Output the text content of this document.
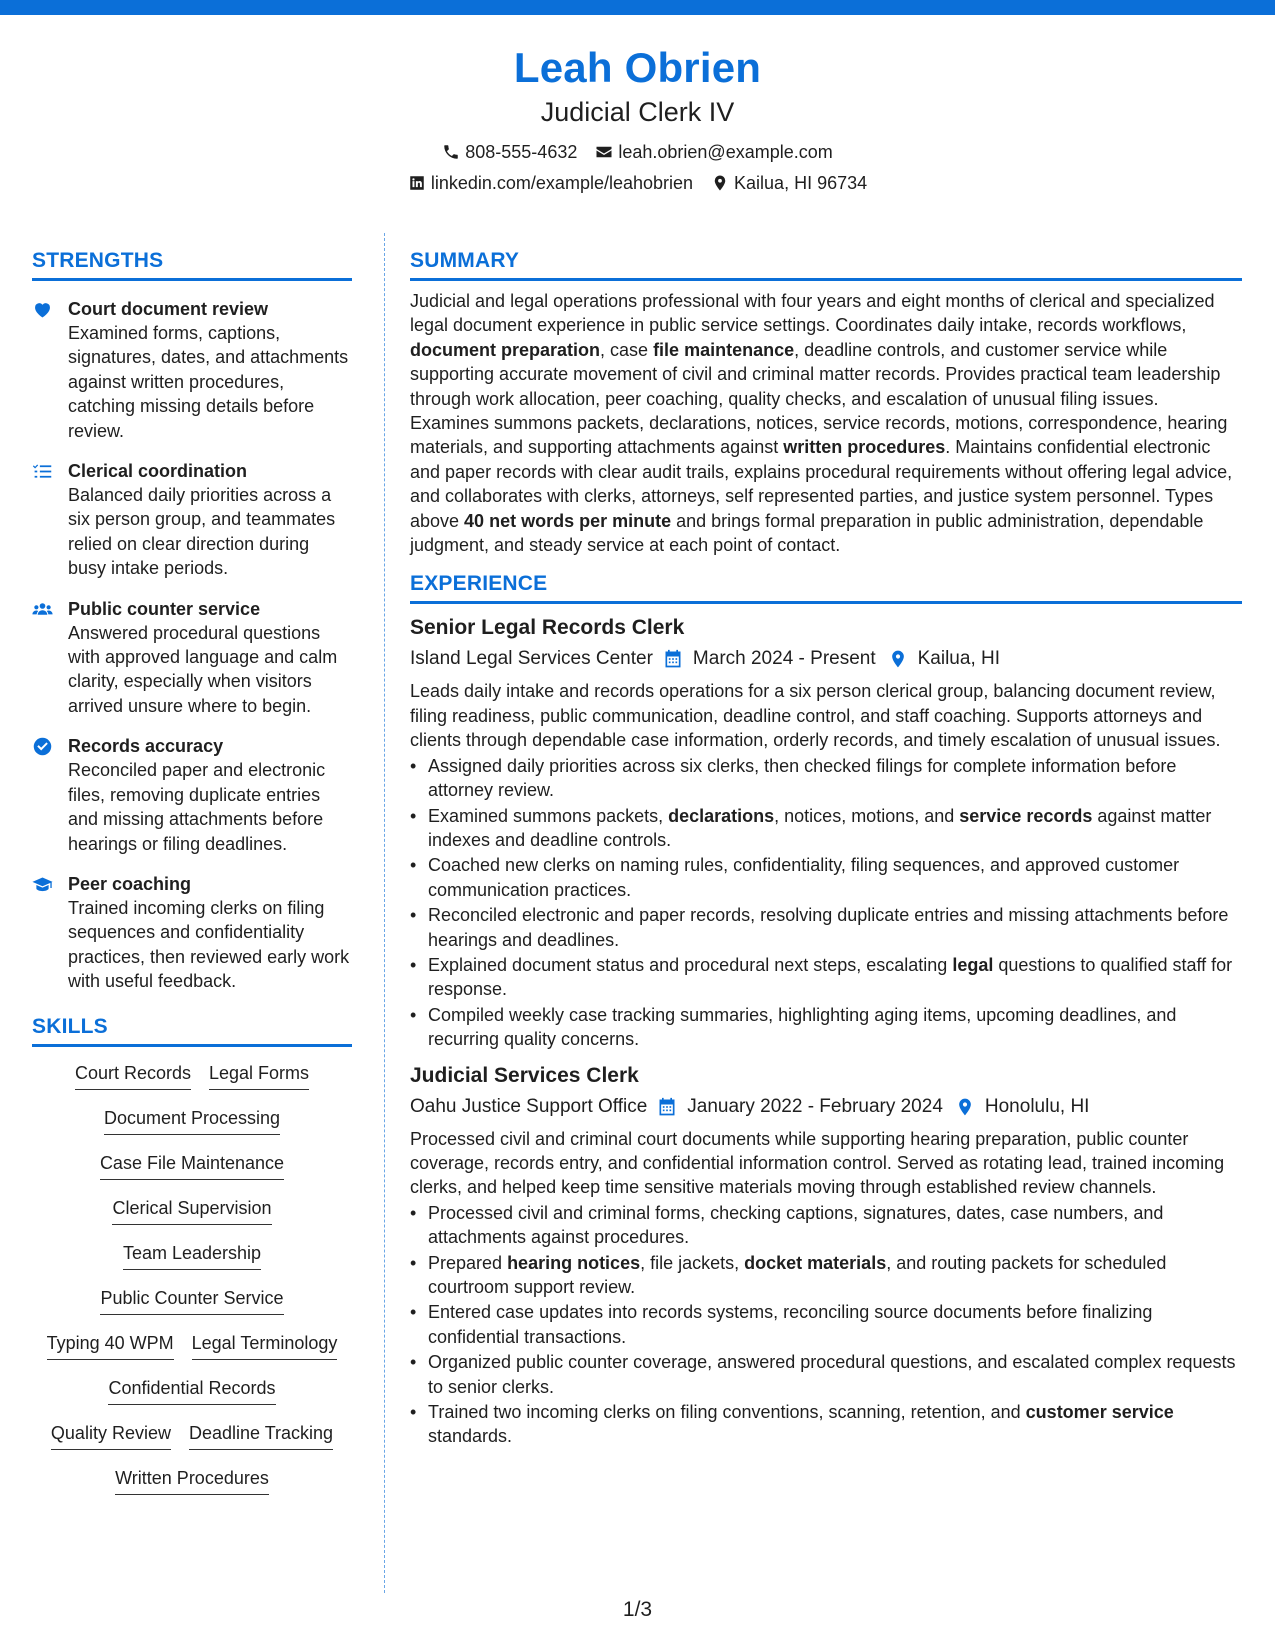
Leah Obrien
Judicial Clerk IV
808-555-4632 leah.obrien@example.com
linkedin.com/example/leahobrien Kailua, HI 96734
STRENGTHS
Court document review
Examined forms, captions, signatures, dates, and attachments against written procedures, catching missing details before review.
Clerical coordination
Balanced daily priorities across a six person group, and teammates relied on clear direction during busy intake periods.
Public counter service
Answered procedural questions with approved language and calm clarity, especially when visitors arrived unsure where to begin.
Records accuracy
Reconciled paper and electronic files, removing duplicate entries and missing attachments before hearings or filing deadlines.
Peer coaching
Trained incoming clerks on filing sequences and confidentiality practices, then reviewed early work with useful feedback.
SKILLS
Court Records Legal Forms
Document Processing
Case File Maintenance
Clerical Supervision
Team Leadership
Public Counter Service
Typing 40 WPM Legal Terminology
Confidential Records
Quality Review Deadline Tracking
Written Procedures
SUMMARY
Judicial and legal operations professional with four years and eight months of clerical and specialized legal document experience in public service settings. Coordinates daily intake, records workflows, document preparation, case file maintenance, deadline controls, and customer service while supporting accurate movement of civil and criminal matter records. Provides practical team leadership through work allocation, peer coaching, quality checks, and escalation of unusual filing issues. Examines summons packets, declarations, notices, service records, motions, correspondence, hearing materials, and supporting attachments against written procedures. Maintains confidential electronic and paper records with clear audit trails, explains procedural requirements without offering legal advice, and collaborates with clerks, attorneys, self represented parties, and justice system personnel. Types above 40 net words per minute and brings formal preparation in public administration, dependable judgment, and steady service at each point of contact.
EXPERIENCE
Senior Legal Records Clerk
Island Legal Services Center March 2024 - Present Kailua, HI
Leads daily intake and records operations for a six person clerical group, balancing document review, filing readiness, public communication, deadline control, and staff coaching. Supports attorneys and clients through dependable case information, orderly records, and timely escalation of unusual issues.
• Assigned daily priorities across six clerks, then checked filings for complete information before attorney review.
• Examined summons packets, declarations, notices, motions, and service records against matter indexes and deadline controls.
• Coached new clerks on naming rules, confidentiality, filing sequences, and approved customer communication practices.
• Reconciled electronic and paper records, resolving duplicate entries and missing attachments before hearings and deadlines.
• Explained document status and procedural next steps, escalating legal questions to qualified staff for response.
• Compiled weekly case tracking summaries, highlighting aging items, upcoming deadlines, and recurring quality concerns.
Judicial Services Clerk
Oahu Justice Support Office January 2022 - February 2024 Honolulu, HI
Processed civil and criminal court documents while supporting hearing preparation, public counter coverage, records entry, and confidential information control. Served as rotating lead, trained incoming clerks, and helped keep time sensitive materials moving through established review channels.
• Processed civil and criminal forms, checking captions, signatures, dates, case numbers, and attachments against procedures.
• Prepared hearing notices, file jackets, docket materials, and routing packets for scheduled courtroom support review.
• Entered case updates into records systems, reconciling source documents before finalizing confidential transactions.
• Organized public counter coverage, answered procedural questions, and escalated complex requests to senior clerks.
• Trained two incoming clerks on filing conventions, scanning, retention, and customer service standards.
1/3
